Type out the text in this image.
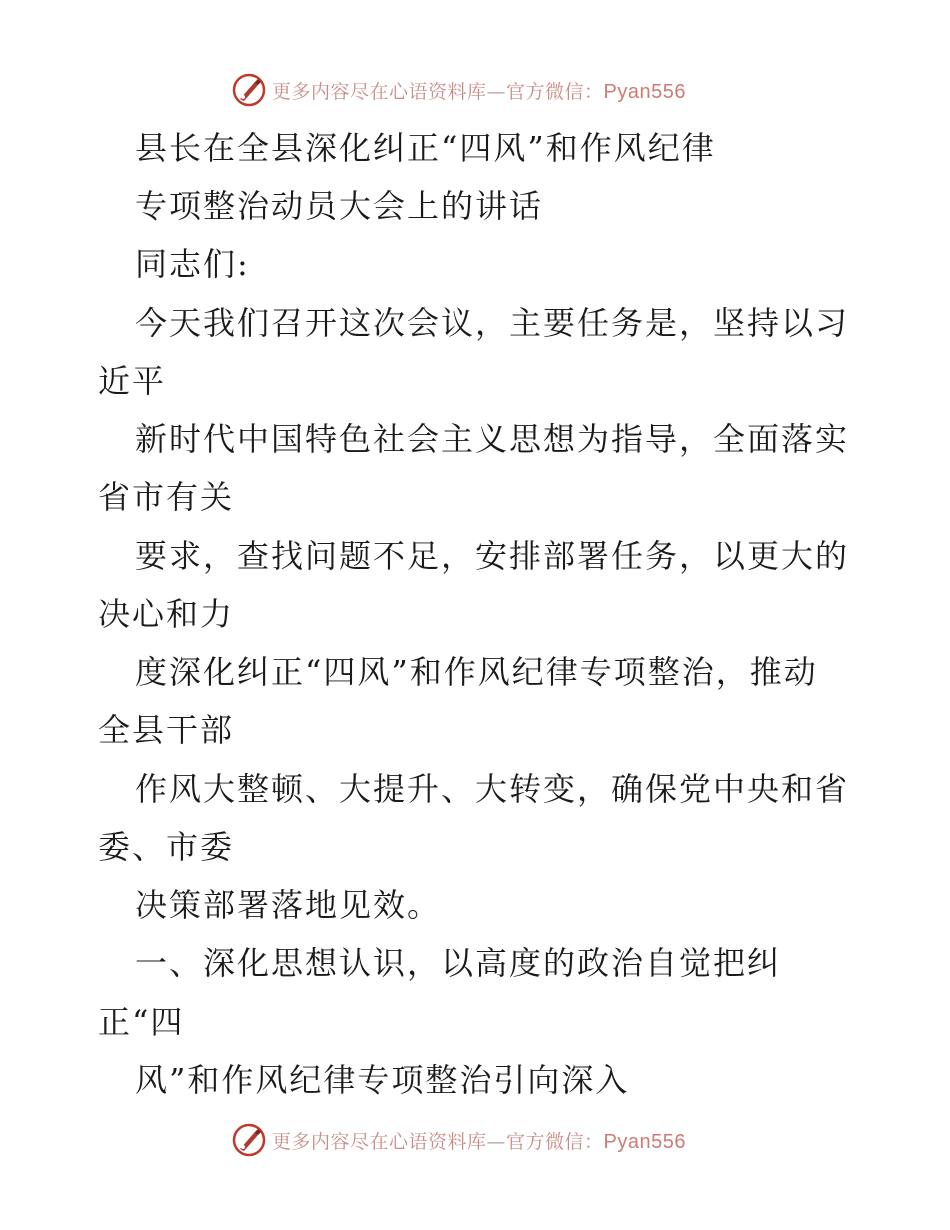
更多内容尽在心语资料库—官方微信：Pyan556
县长在全县深化纠正“四风”和作风纪律
专项整治动员大会上的讲话
同志们:
今天我们召开这次会议，主要任务是，坚持以习
近平
新时代中国特色社会主义思想为指导，全面落实
省市有关
要求，查找问题不足，安排部署任务，以更大的
决心和力
度深化纠正“四风”和作风纪律专项整治，推动
全县干部
作风大整顿、大提升、大转变，确保党中央和省
委、市委
决策部署落地见效。
一、深化思想认识，以高度的政治自觉把纠
正“四
风”和作风纪律专项整治引向深入
更多内容尽在心语资料库—官方微信：Pyan556
